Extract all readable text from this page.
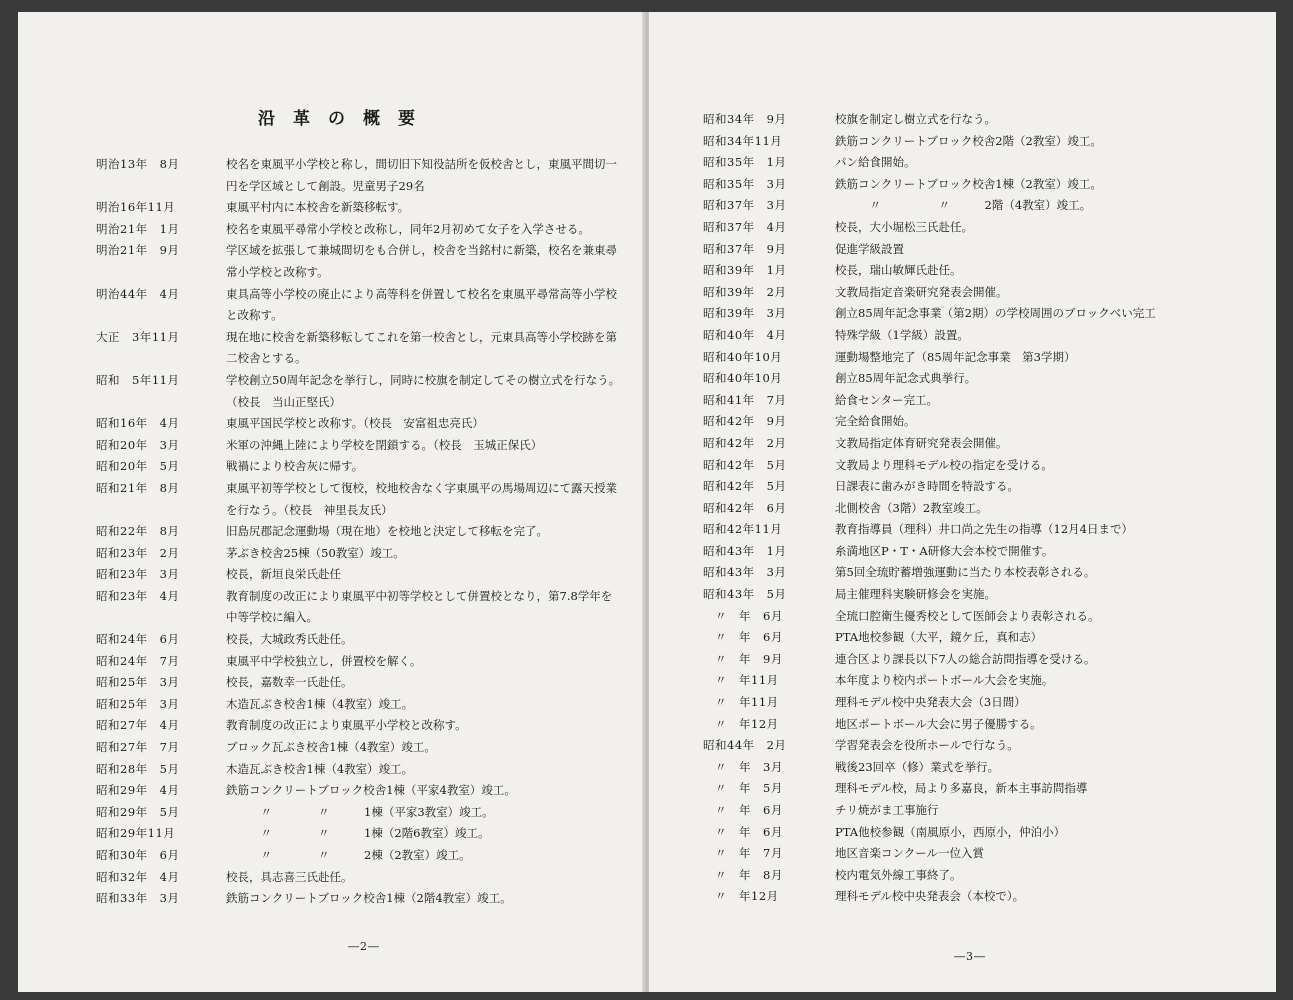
沿革の概要
明治13年　8月	校名を東風平小学校と称し，間切旧下知役詰所を仮校舎とし，東風平間切一
円を学区域として創設。児童男子29名
明治16年11月	東風平村内に本校舎を新築移転す。
明治21年　1月	校名を東風平尋常小学校と改称し，同年2月初めて女子を入学させる。
明治21年　9月	学区域を拡張して兼城間切をも合併し，校舎を当銘村に新築，校名を兼東尋
常小学校と改称す。
明治44年　4月	東具高等小学校の廃止により高等科を併置して校名を東風平尋常高等小学校
と改称す。
大正　3年11月	現在地に校舎を新築移転してこれを第一校舎とし，元東具高等小学校跡を第
二校舎とする。
昭和　5年11月	学校創立50周年記念を挙行し，同時に校旗を制定してその樹立式を行なう。
（校長　当山正堅氏）
昭和16年　4月	東風平国民学校と改称す。（校長　安富祖忠亮氏）
昭和20年　3月	米軍の沖縄上陸により学校を閉鎖する。（校長　玉城正保氏）
昭和20年　5月	戦禍により校舎灰に帰す。
昭和21年　8月	東風平初等学校として復校，校地校舎なく字東風平の馬場周辺にて露天授業
を行なう。（校長　神里長友氏）
昭和22年　8月	旧島尻郡記念運動場（現在地）を校地と決定して移転を完了。
昭和23年　2月	茅ぶき校舎25棟（50教室）竣工。
昭和23年　3月	校長，新垣良栄氏赴任
昭和23年　4月	教育制度の改正により東風平中初等学校として併置校となり，第7.8学年を
中等学校に編入。
昭和24年　6月	校長，大城政秀氏赴任。
昭和24年　7月	東風平中学校独立し，併置校を解く。
昭和25年　3月	校長，嘉数幸一氏赴任。
昭和25年　3月	木造瓦ぶき校舎1棟（4教室）竣工。
昭和27年　4月	教育制度の改正により東風平小学校と改称す。
昭和27年　7月	ブロック瓦ぶき校舎1棟（4教室）竣工。
昭和28年　5月	木造瓦ぶき校舎1棟（4教室）竣工。
昭和29年　4月	鉄筋コンクリートブロック校舎1棟（平家4教室）竣工。
昭和29年　5月	　　　〃　　　　〃　　　1棟（平家3教室）竣工。
昭和29年11月	　　　〃　　　　〃　　　1棟（2階6教室）竣工。
昭和30年　6月	　　　〃　　　　〃　　　2棟（2教室）竣工。
昭和32年　4月	校長，具志喜三氏赴任。
昭和33年　3月	鉄筋コンクリートブロック校舎1棟（2階4教室）竣工。
―2―
昭和34年　9月	校旗を制定し樹立式を行なう。
昭和34年11月	鉄筋コンクリートブロック校舎2階（2教室）竣工。
昭和35年　1月	パン給食開始。
昭和35年　3月	鉄筋コンクリートブロック校舎1棟（2教室）竣工。
昭和37年　3月	　　　〃　　　　　〃　　　2階（4教室）竣工。
昭和37年　4月	校長，大小堀松三氏赴任。
昭和37年　9月	促進学級設置
昭和39年　1月	校長，瑞山敏輝氏赴任。
昭和39年　2月	文教局指定音楽研究発表会開催。
昭和39年　3月	創立85周年記念事業（第2期）の学校周囲のブロックべい完工
昭和40年　4月	特殊学級（1学級）設置。
昭和40年10月	運動場整地完了（85周年記念事業　第3学期）
昭和40年10月	創立85周年記念式典挙行。
昭和41年　7月	給食センター完工。
昭和42年　9月	完全給食開始。
昭和42年　2月	文教局指定体育研究発表会開催。
昭和42年　5月	文教局より理科モデル校の指定を受ける。
昭和42年　5月	日課表に歯みがき時間を特設する。
昭和42年　6月	北側校舎（3階）2教室竣工。
昭和42年11月	教育指導員（理科）井口尚之先生の指導（12月4日まで）
昭和43年　1月	糸満地区P・T・A研修大会本校で開催す。
昭和43年　3月	第5回全琉貯蓄増強運動に当たり本校表彰される。
昭和43年　5月	局主催理科実験研修会を実施。
　〃　年　6月	全琉口腔衛生優秀校として医師会より表彰される。
　〃　年　6月	PTA地校参観（大平，鏡ケ丘，真和志）
　〃　年　9月	連合区より課長以下7人の総合訪問指導を受ける。
　〃　年11月	本年度より校内ポートボール大会を実施。
　〃　年11月	理科モデル校中央発表大会（3日間）
　〃　年12月	地区ポートボール大会に男子優勝する。
昭和44年　2月	学習発表会を役所ホールで行なう。
　〃　年　3月	戦後23回卒（修）業式を挙行。
　〃　年　5月	理科モデル校，局より多嘉良，新本主事訪問指導
　〃　年　6月	チリ焼がま工事施行
　〃　年　6月	PTA他校参観（南風原小，西原小，仲泊小）
　〃　年　7月	地区音楽コンクール一位入賞
　〃　年　8月	校内電気外線工事終了。
　〃　年12月	理科モデル校中央発表会（本校で）。
―3―
